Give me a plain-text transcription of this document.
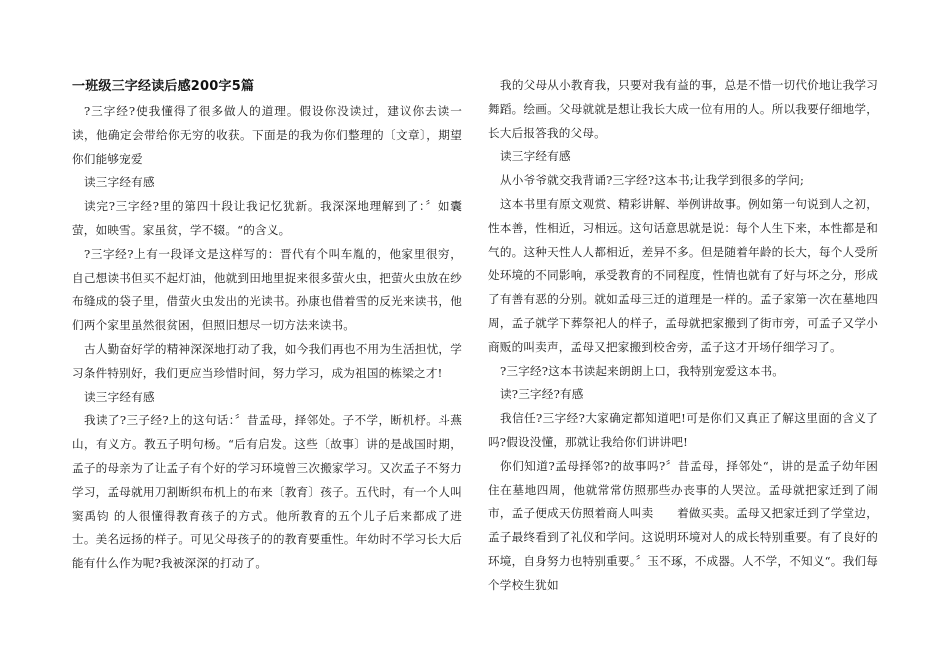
一班级三字经读后感200字5篇

?三字经?使我懂得了很多做人的道理。假设你没读过，建议你去读一读，他确定会带给你无穷的收获。下面是的我为你们整理的〔文章〕，期望你们能够宠爱

读三字经有感

读完?三字经?里的第四十段让我记忆犹新。我深深地理解到了：〞如囊萤，如映雪。家虽贫，学不辍。“的含义。

?三字经?上有一段译文是这样写的：晋代有个叫车胤的，他家里很穷，自己想读书但买不起灯油，他就到田地里捉来很多萤火虫，把萤火虫放在纱布缝成的袋子里，借萤火虫发出的光读书。孙康也借着雪的反光来读书，他们两个家里虽然很贫困，但照旧想尽一切方法来读书。

古人勤奋好学的精神深深地打动了我，如今我们再也不用为生活担忧，学习条件特别好，我们更应当珍惜时间，努力学习，成为祖国的栋梁之才!

读三字经有感

我读了?三子经?上的这句话：〞昔孟母，择邻处。子不学，断机杼。斗燕山，有义方。教五子明句杨。“后有启发。这些〔故事〕讲的是战国时期，孟子的母亲为了让孟子有个好的学习环境曾三次搬家学习。又次孟子不努力学习，孟母就用刀割断织布机上的布来〔教育〕孩子。五代时，有一个人叫窦禹钧 的人很懂得教育孩子的方式。他所教育的五个儿子后来都成了进士。美名远扬的样子。可见父母孩子的的教育要重性。年幼时不学习长大后能有什么作为呢?我被深深的打动了。

我的父母从小教育我，只要对我有益的事，总是不惜一切代价地让我学习舞蹈。绘画。父母就就是想让我长大成一位有用的人。所以我要仔细地学，长大后报答我的父母。

读三字经有感

从小爷爷就交我背诵?三字经?这本书;让我学到很多的学问;

这本书里有原文观赏、精彩讲解、举例讲故事。例如第一句说到人之初，性本善，性相近，习相远。这句话意思就是说：每个人生下来，本性都是和气的。这种天性人人都相近，差异不多。但是随着年龄的长大，每个人受所处环境的不同影响，承受教育的不同程度，性情也就有了好与坏之分，形成了有善有恶的分别。就如孟母三迁的道理是一样的。孟子家第一次在墓地四周，孟子就学下葬祭祀人的样子，孟母就把家搬到了街市旁，可孟子又学小商贩的叫卖声，孟母又把家搬到校舍旁，孟子这才开场仔细学习了。

?三字经?这本书读起来朗朗上口，我特别宠爱这本书。

读?三字经?有感

我信任?三字经?大家确定都知道吧!可是你们又真正了解这里面的含义了吗?假设没懂，那就让我给你们讲讲吧!

你们知道?孟母择邻?的故事吗?〞昔孟母，择邻处“，讲的是孟子幼年困住在墓地四周，他就常常仿照那些办丧事的人哭泣。孟母就把家迁到了闹市，孟子便成天仿照着商人叫卖　　着做买卖。孟母又把家迁到了学堂边，孟子最终看到了礼仪和学问。这说明环境对人的成长特别重要。有了良好的环境，自身努力也特别重要。〞玉不琢，不成器。人不学，不知义“。我们每个学校生犹如
